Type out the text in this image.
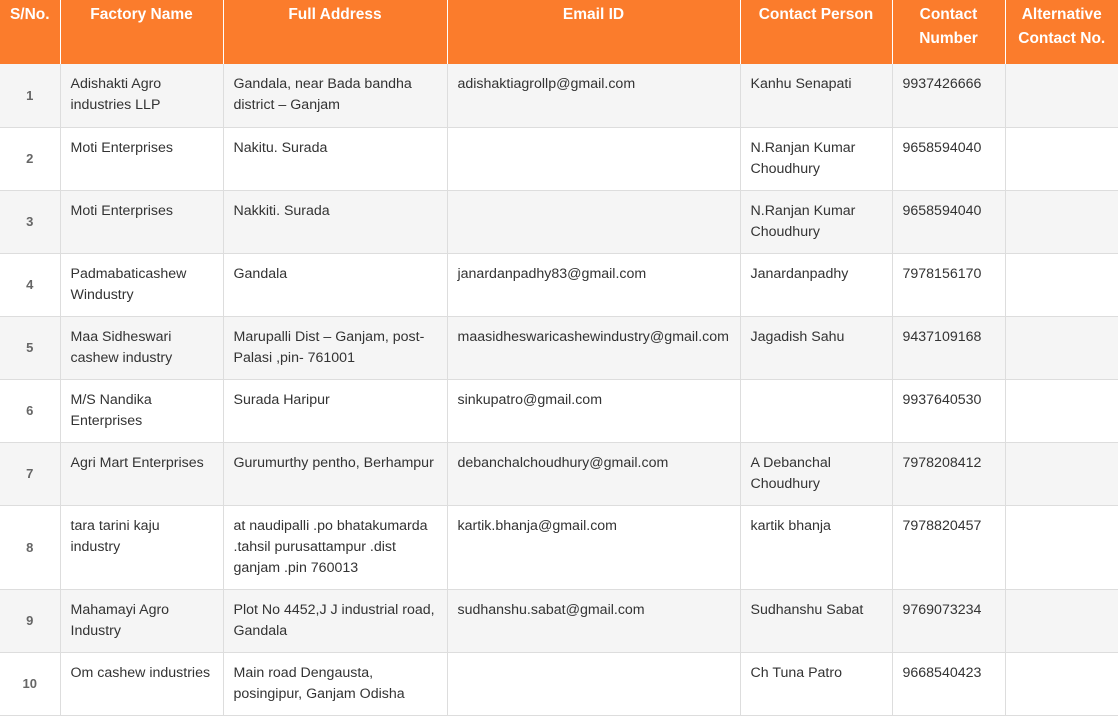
S/No.	Factory Name	Full Address	Email ID	Contact Person	Contact Number	Alternative Contact No.
1	Adishakti Agro industries LLP	Gandala, near Bada bandha district – Ganjam	adishaktiagrollp@gmail.com	Kanhu Senapati	9937426666	
2	Moti Enterprises	Nakitu. Surada		N.Ranjan Kumar Choudhury	9658594040	
3	Moti Enterprises	Nakkiti. Surada		N.Ranjan Kumar Choudhury	9658594040	
4	Padmabaticashew Windustry	Gandala	janardanpadhy83@gmail.com	Janardanpadhy	7978156170	
5	Maa Sidheswari cashew industry	Marupalli Dist – Ganjam, post-Palasi ,pin- 761001	maasidheswaricashewindustry@gmail.com	Jagadish Sahu	9437109168	
6	M/S Nandika Enterprises	Surada Haripur	sinkupatro@gmail.com		9937640530	
7	Agri Mart Enterprises	Gurumurthy pentho, Berhampur	debanchalchoudhury@gmail.com	A Debanchal Choudhury	7978208412	
8	tara tarini kaju industry	at naudipalli .po bhatakumarda .tahsil purusattampur .dist ganjam .pin 760013	kartik.bhanja@gmail.com	kartik bhanja	7978820457	
9	Mahamayi Agro Industry	Plot No 4452,J J industrial road, Gandala	sudhanshu.sabat@gmail.com	Sudhanshu Sabat	9769073234	
10	Om cashew industries	Main road Dengausta, posingipur, Ganjam Odisha		Ch Tuna Patro	9668540423	
